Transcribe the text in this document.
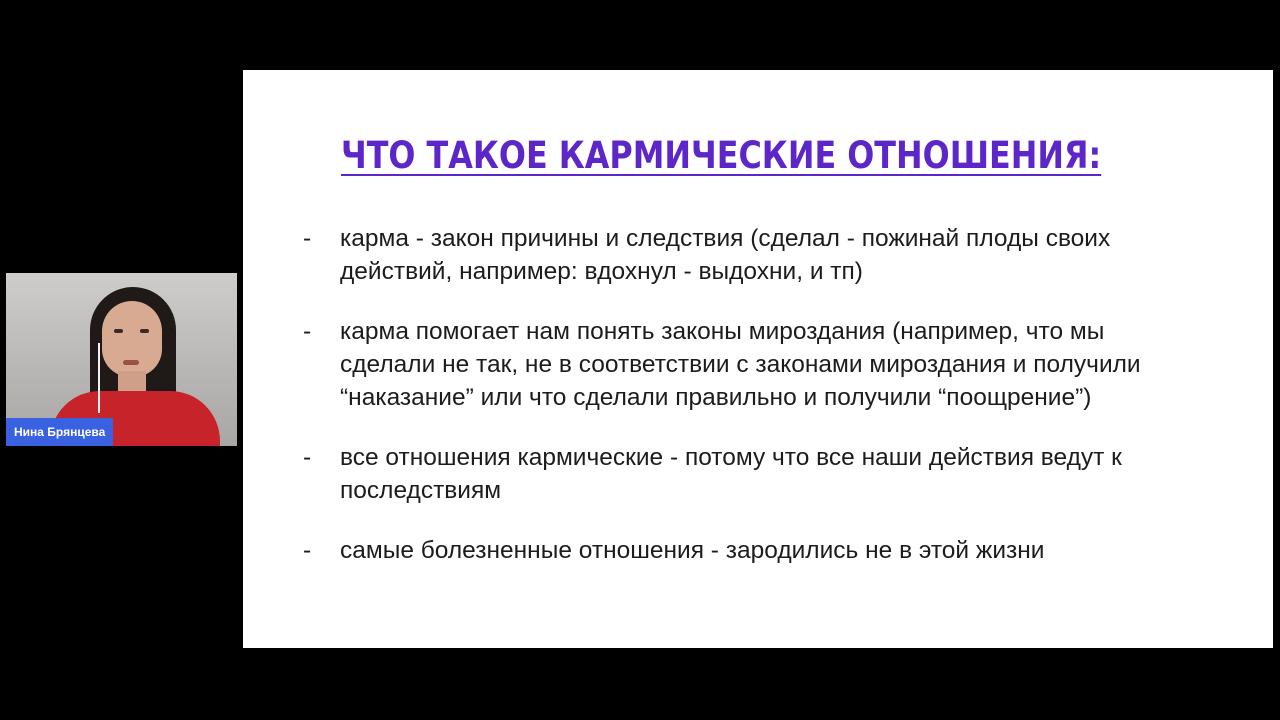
Нина Брянцева
ЧТО ТАКОЕ КАРМИЧЕСКИЕ ОТНОШЕНИЯ:
- карма - закон причины и следствия (сделал - пожинай плоды своих действий, например: вдохнул - выдохни, и тп)
- карма помогает нам понять законы мироздания (например, что мы сделали не так, не в соответствии с законами мироздания и получили “наказание” или что сделали правильно и получили “поощрение”)
- все отношения кармические - потому что все наши действия ведут к последствиям
- самые болезненные отношения - зародились не в этой жизни
